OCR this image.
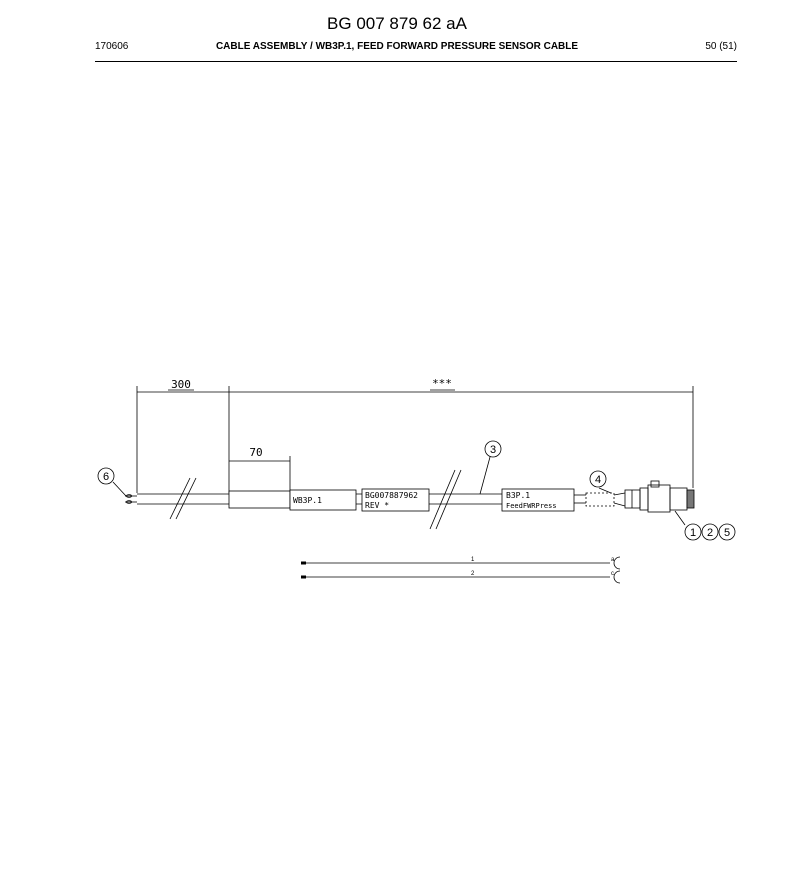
BG 007 879 62 aA
170606	CABLE ASSEMBLY / WB3P.1, FEED FORWARD PRESSURE SENSOR CABLE	50 (51)
300	***
70
WB3P.1
BG007887962
REV *
B3P.1
FeedFWRPress
6
3
4
1 2 5
1	a
2	c
